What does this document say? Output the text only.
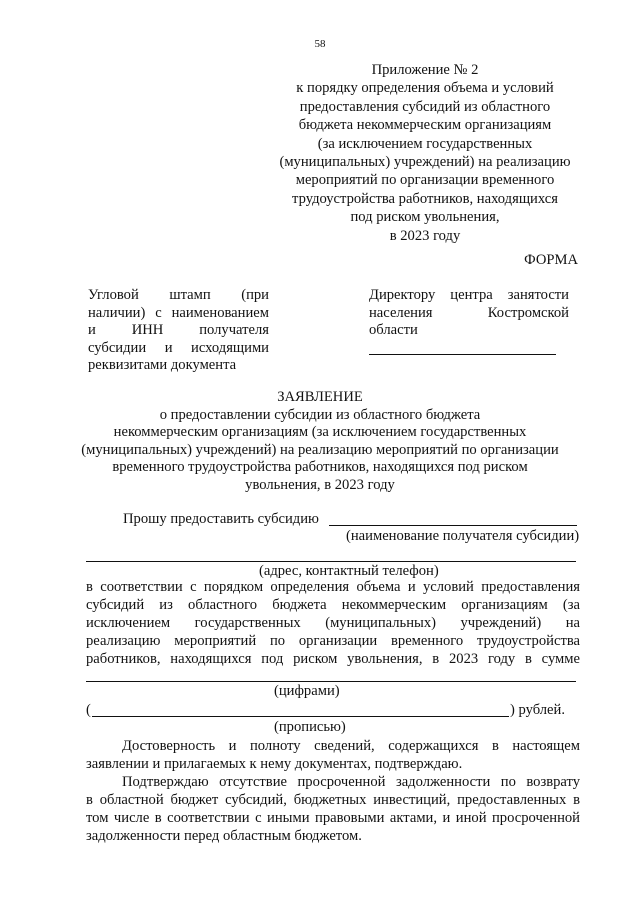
58
Приложение № 2
к порядку определения объема и условий
предоставления субсидий из областного
бюджета некоммерческим организациям
(за исключением государственных
(муниципальных) учреждений) на реализацию
мероприятий по организации временного
трудоустройства работников, находящихся
под риском увольнения,
в 2023 году
ФОРМА
Угловой штамп (при
наличии) с наименованием
и ИНН получателя
субсидии и исходящими
реквизитами документа
Директору центра занятости
населения Костромской
области
ЗАЯВЛЕНИЕ
о предоставлении субсидии из областного бюджета
некоммерческим организациям (за исключением государственных
(муниципальных) учреждений) на реализацию мероприятий по организации
временного трудоустройства работников, находящихся под риском
увольнения, в 2023 году
Прошу предоставить субсидию
(наименование получателя субсидии)
(адрес, контактный телефон)
в соответствии с порядком определения объема и условий предоставления
субсидий из областного бюджета некоммерческим организациям (за
исключением государственных (муниципальных) учреждений) на
реализацию мероприятий по организации временного трудоустройства
работников, находящихся под риском увольнения, в 2023 году в сумме
(цифрами)
(	) рублей.
(прописью)
Достоверность и полноту сведений, содержащихся в настоящем
заявлении и прилагаемых к нему документах, подтверждаю.
Подтверждаю отсутствие просроченной задолженности по возврату
в областной бюджет субсидий, бюджетных инвестиций, предоставленных в
том числе в соответствии с иными правовыми актами, и иной просроченной
задолженности перед областным бюджетом.
